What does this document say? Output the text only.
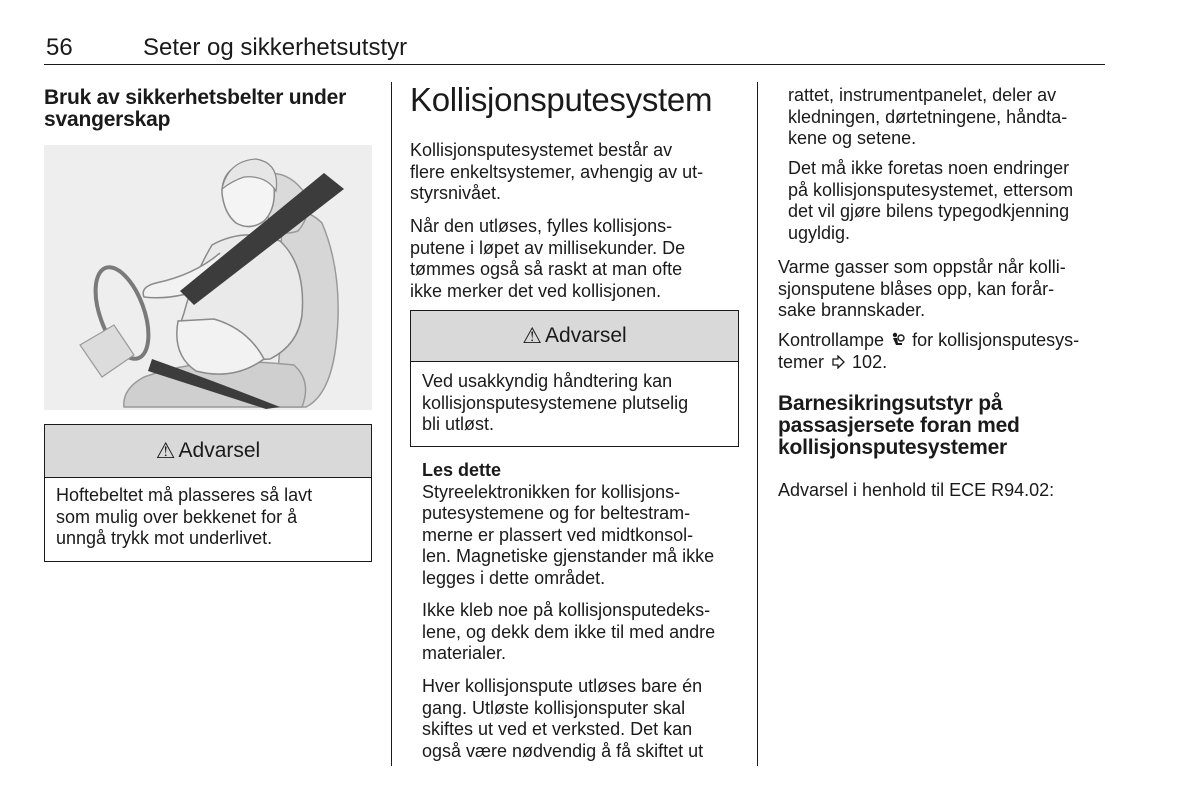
56	Seter og sikkerhetsutstyr
Bruk av sikkerhetsbelter under
svangerskap
⚠ Advarsel
Hoftebeltet må plasseres så lavt
som mulig over bekkenet for å
unngå trykk mot underlivet.
Kollisjonsputesystem
Kollisjonsputesystemet består av
flere enkeltsystemer, avhengig av ut-
styrsnivået.
Når den utløses, fylles kollisjons-
putene i løpet av millisekunder. De
tømmes også så raskt at man ofte
ikke merker det ved kollisjonen.
⚠ Advarsel
Ved usakkyndig håndtering kan
kollisjonsputesystemene plutselig
bli utløst.
Les dette
Styreelektronikken for kollisjons-
putesystemene og for beltestram-
merne er plassert ved midtkonsol-
len. Magnetiske gjenstander må ikke
legges i dette området.
Ikke kleb noe på kollisjonsputedeks-
lene, og dekk dem ikke til med andre
materialer.
Hver kollisjonspute utløses bare én
gang. Utløste kollisjonsputer skal
skiftes ut ved et verksted. Det kan
også være nødvendig å få skiftet ut
rattet, instrumentpanelet, deler av
kledningen, dørtetningene, håndta-
kene og setene.
Det må ikke foretas noen endringer
på kollisjonsputesystemet, ettersom
det vil gjøre bilens typegodkjenning
ugyldig.
Varme gasser som oppstår når kolli-
sjonsputene blåses opp, kan forår-
sake brannskader.
Kontrollampe for kollisjonsputesys-
temer 102.
Barnesikringsutstyr på
passasjersete foran med
kollisjonsputesystemer
Advarsel i henhold til ECE R94.02:
